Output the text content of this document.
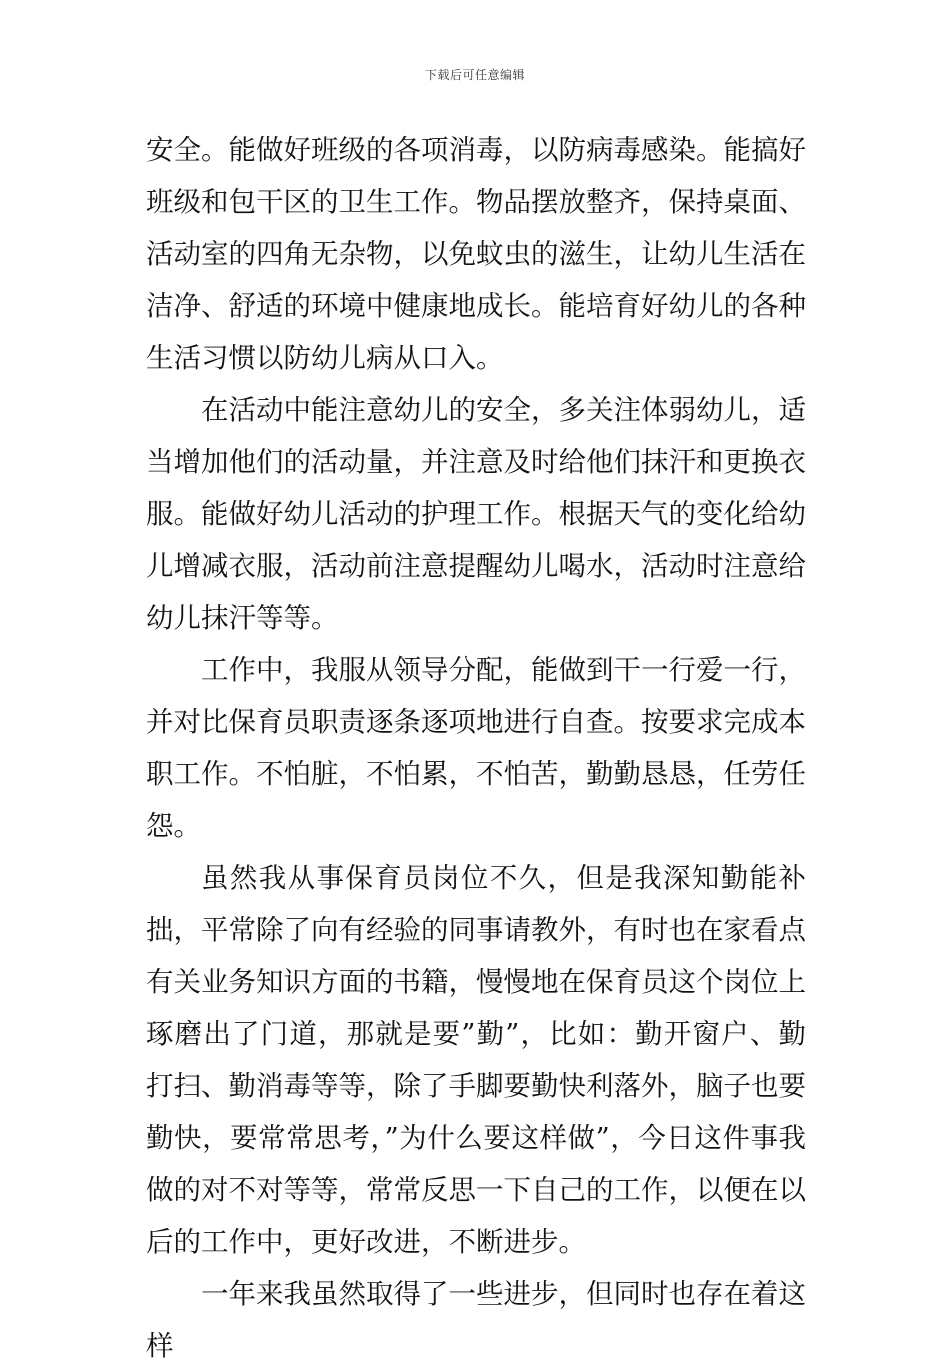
下载后可任意编辑

安全。能做好班级的各项消毒，以防病毒感染。能搞好班级和包干区的卫生工作。物品摆放整齐，保持桌面、活动室的四角无杂物，以免蚊虫的滋生，让幼儿生活在洁净、舒适的环境中健康地成长。能培育好幼儿的各种生活习惯以防幼儿病从口入。

在活动中能注意幼儿的安全，多关注体弱幼儿，适当增加他们的活动量，并注意及时给他们抹汗和更换衣服。能做好幼儿活动的护理工作。根据天气的变化给幼儿增减衣服，活动前注意提醒幼儿喝水，活动时注意给幼儿抹汗等等。

工作中，我服从领导分配，能做到干一行爱一行，并对比保育员职责逐条逐项地进行自查。按要求完成本职工作。不怕脏，不怕累，不怕苦，勤勤恳恳，任劳任怨。

虽然我从事保育员岗位不久，但是我深知勤能补拙，平常除了向有经验的同事请教外，有时也在家看点有关业务知识方面的书籍，慢慢地在保育员这个岗位上琢磨出了门道，那就是要”勤”，比如：勤开窗户、勤打扫、勤消毒等等，除了手脚要勤快利落外，脑子也要勤快，要常常思考，”为什么要这样做”，今日这件事我做的对不对等等，常常反思一下自己的工作，以便在以后的工作中，更好改进，不断进步。

一年来我虽然取得了一些进步，但同时也存在着这样
